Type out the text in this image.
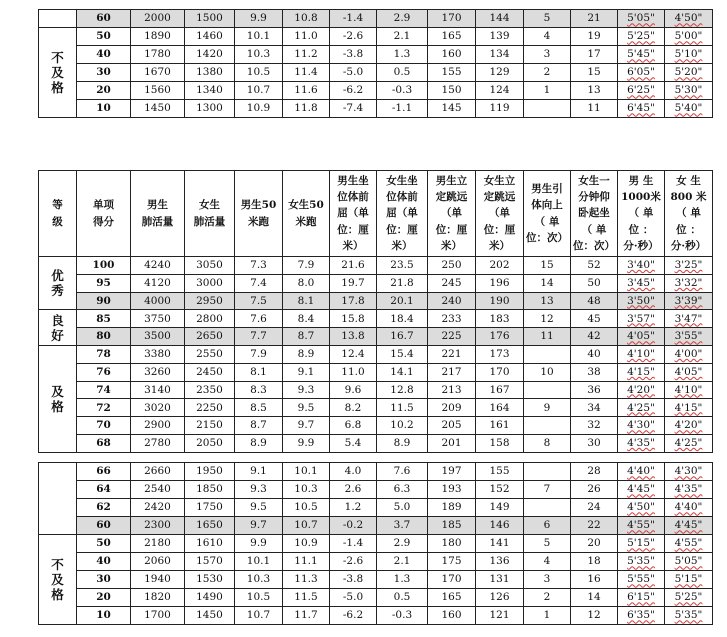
	60	2000	1500	9.9	10.8	-1.4	2.9	170	144	5	21	5'05"	4'50"
不
及
格	50	1890	1460	10.1	11.0	-2.6	2.1	165	139	4	19	5'25"	5'00"
	40	1780	1420	10.3	11.2	-3.8	1.3	160	134	3	17	5'45"	5'10"
	30	1670	1380	10.5	11.4	-5.0	0.5	155	129	2	15	6'05"	5'20"
	20	1560	1340	10.7	11.6	-6.2	-0.3	150	124	1	13	6'25"	5'30"
	10	1450	1300	10.9	11.8	-7.4	-1.1	145	119		11	6'45"	5'40"
等
级	单项
得分	男生
肺活量	女生
肺活量	男生50
米跑	女生50
米跑	男生坐
位体前
屈（单
位：厘
米）	女生坐
位体前
屈（单
位：厘
米）	男生立
定跳远
（单
位：厘
米）	女生立
定跳远
（单
位：厘
米）	男生引
体向上
（ 单
位：次）	女生一
分钟仰
卧起坐
（ 单
位：次）	男 生
1000米
（ 单
位 ：
分·秒）	女 生
800 米
（ 单
位 ：
分·秒）
优
秀	100	4240	3050	7.3	7.9	21.6	23.5	250	202	15	52	3'40"	3'25"
	95	4120	3000	7.4	8.0	19.7	21.8	245	196	14	50	3'45"	3'32"
	90	4000	2950	7.5	8.1	17.8	20.1	240	190	13	48	3'50"	3'39"
良
好	85	3750	2800	7.6	8.4	15.8	18.4	233	183	12	45	3'57"	3'47"
	80	3500	2650	7.7	8.7	13.8	16.7	225	176	11	42	4'05"	3'55"
及
格	78	3380	2550	7.9	8.9	12.4	15.4	221	173		40	4'10"	4'00"
	76	3260	2450	8.1	9.1	11.0	14.1	217	170	10	38	4'15"	4'05"
	74	3140	2350	8.3	9.3	9.6	12.8	213	167		36	4'20"	4'10"
	72	3020	2250	8.5	9.5	8.2	11.5	209	164	9	34	4'25"	4'15"
	70	2900	2150	8.7	9.7	6.8	10.2	205	161		32	4'30"	4'20"
	68	2780	2050	8.9	9.9	5.4	8.9	201	158	8	30	4'35"	4'25"
	66	2660	1950	9.1	10.1	4.0	7.6	197	155		28	4'40"	4'30"
	64	2540	1850	9.3	10.3	2.6	6.3	193	152	7	26	4'45"	4'35"
	62	2420	1750	9.5	10.5	1.2	5.0	189	149		24	4'50"	4'40"
	60	2300	1650	9.7	10.7	-0.2	3.7	185	146	6	22	4'55"	4'45"
不
及
格	50	2180	1610	9.9	10.9	-1.4	2.9	180	141	5	20	5'15"	4'55"
	40	2060	1570	10.1	11.1	-2.6	2.1	175	136	4	18	5'35"	5'05"
	30	1940	1530	10.3	11.3	-3.8	1.3	170	131	3	16	5'55"	5'15"
	20	1820	1490	10.5	11.5	-5.0	0.5	165	126	2	14	6'15"	5'25"
	10	1700	1450	10.7	11.7	-6.2	-0.3	160	121	1	12	6'35"	5'35"
